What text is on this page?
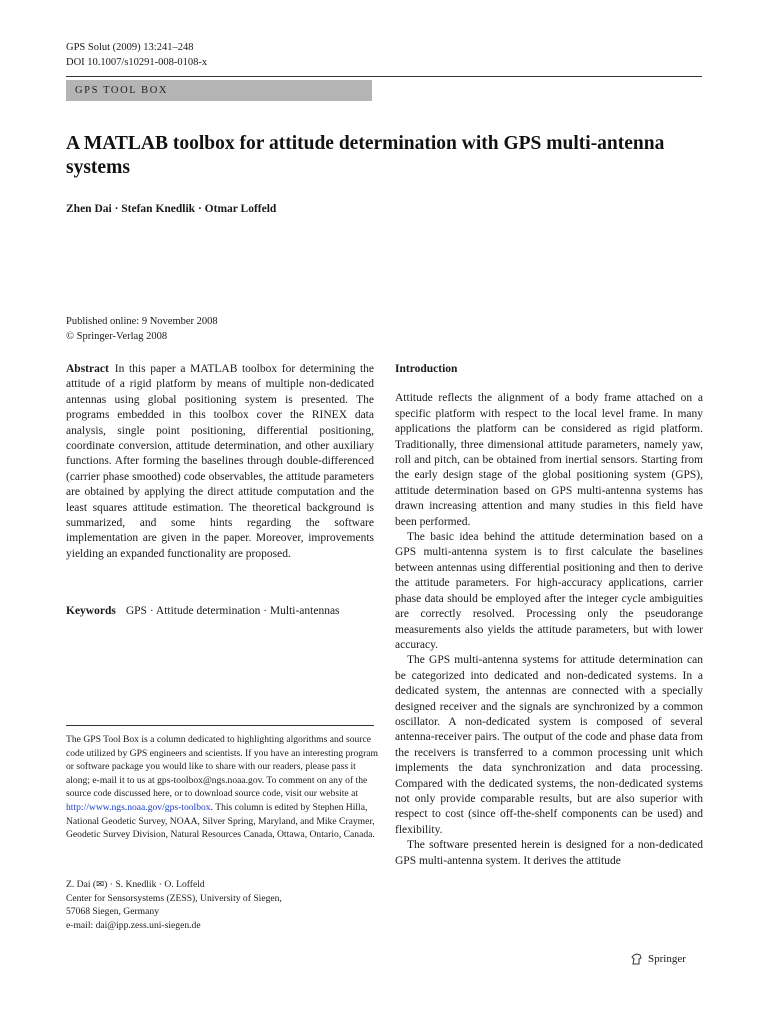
GPS Solut (2009) 13:241–248
DOI 10.1007/s10291-008-0108-x
GPS TOOL BOX
A MATLAB toolbox for attitude determination with GPS multi-antenna systems
Zhen Dai · Stefan Knedlik · Otmar Loffeld
Published online: 9 November 2008
© Springer-Verlag 2008

Abstract In this paper a MATLAB toolbox for determining the attitude of a rigid platform by means of multiple non-dedicated antennas using global positioning system is presented. The programs embedded in this toolbox cover the RINEX data analysis, single point positioning, differential positioning, coordinate conversion, attitude determination, and other auxiliary functions. After forming the baselines through double-differenced (carrier phase smoothed) code observables, the attitude parameters are obtained by applying the direct attitude computation and the least squares attitude estimation. The theoretical background is summarized, and some hints regarding the software implementation are given in the paper. Moreover, improvements yielding an expanded functionality are proposed.

Keywords GPS · Attitude determination · Multi-antennas

The GPS Tool Box is a column dedicated to highlighting algorithms and source code utilized by GPS engineers and scientists. If you have an interesting program or software package you would like to share with our readers, please pass it along; e-mail it to us at gps-toolbox@ngs.noaa.gov. To comment on any of the source code discussed here, or to download source code, visit our website at http://www.ngs.noaa.gov/gps-toolbox. This column is edited by Stephen Hilla, National Geodetic Survey, NOAA, Silver Spring, Maryland, and Mike Craymer, Geodetic Survey Division, Natural Resources Canada, Ottawa, Ontario, Canada.

Z. Dai (✉) · S. Knedlik · O. Loffeld

Center for Sensorsystems (ZESS), University of Siegen,

57068 Siegen, Germany

e-mail: dai@ipp.zess.uni-siegen.de

Introduction

Attitude reflects the alignment of a body frame attached on a specific platform with respect to the local level frame. In many applications the platform can be considered as rigid platform. Traditionally, three dimensional attitude parameters, namely yaw, roll and pitch, can be obtained from inertial sensors. Starting from the early design stage of the global positioning system (GPS), attitude determination based on GPS multi-antenna systems has drawn increasing attention and many studies in this field have been performed.

The basic idea behind the attitude determination based on a GPS multi-antenna system is to first calculate the baselines between antennas using differential positioning and then to derive the attitude parameters. For high-accuracy applications, carrier phase data should be employed after the integer cycle ambiguities are correctly resolved. Processing only the pseudorange measurements also yields the attitude parameters, but with lower accuracy.

The GPS multi-antenna systems for attitude determination can be categorized into dedicated and non-dedicated systems. In a dedicated system, the antennas are connected with a specially designed receiver and the signals are synchronized by a common oscillator. A non-dedicated system is composed of several antenna-receiver pairs. The output of the code and phase data from the receivers is transferred to a common processing unit which implements the data synchronization and data processing. Compared with the dedicated systems, the non-dedicated systems not only provide comparable results, but are also superior with respect to cost (since off-the-shelf components can be used) and flexibility.

The software presented herein is designed for a non-dedicated GPS multi-antenna system. It derives the attitude

Springer
